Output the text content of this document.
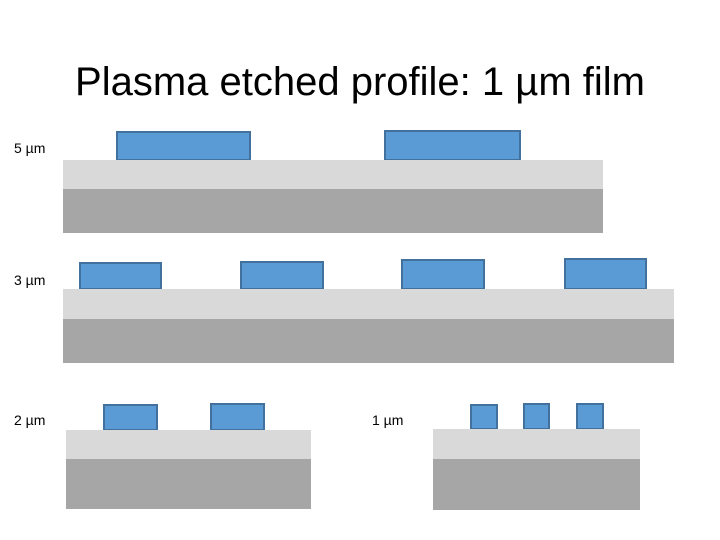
Plasma etched profile: 1 µm film
5 µm
3 µm
2 µm	1 µm
